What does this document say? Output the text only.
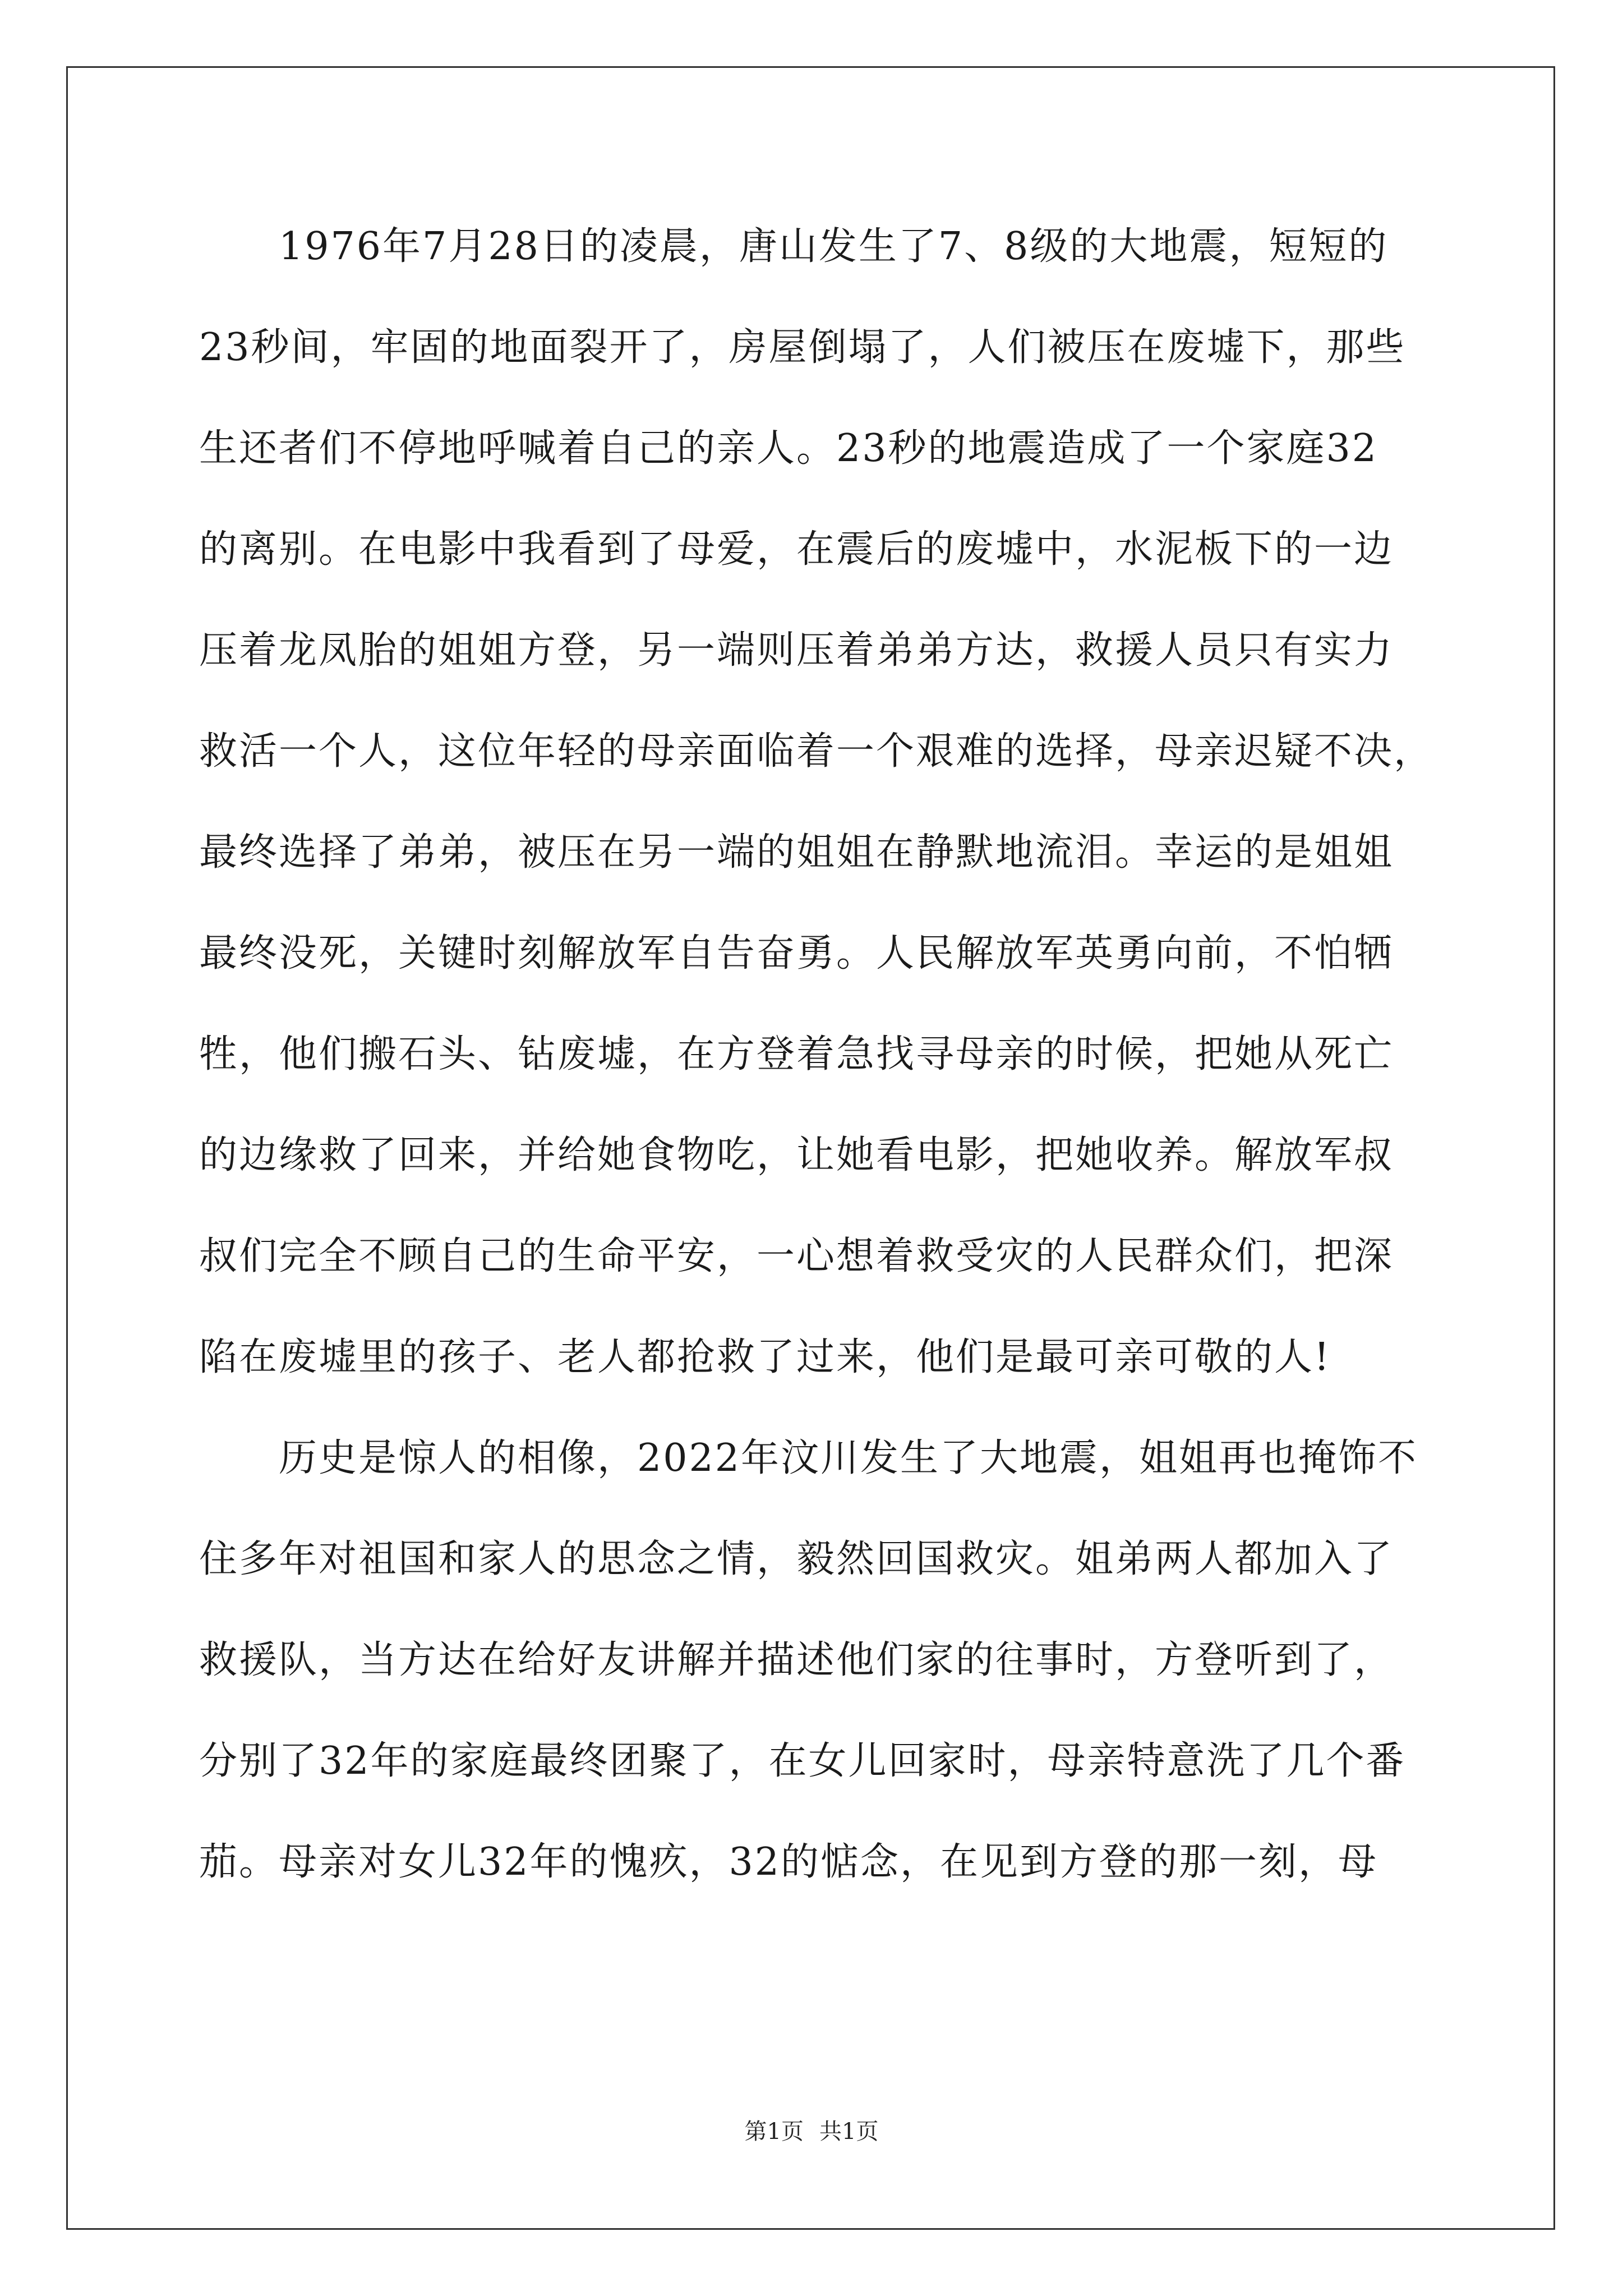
　　1976年7月28日的凌晨，唐山发生了7、8级的大地震，短短的
23秒间，牢固的地面裂开了，房屋倒塌了，人们被压在废墟下，那些
生还者们不停地呼喊着自己的亲人。23秒的地震造成了一个家庭32
的离别。在电影中我看到了母爱，在震后的废墟中，水泥板下的一边
压着龙凤胎的姐姐方登，另一端则压着弟弟方达，救援人员只有实力
救活一个人，这位年轻的母亲面临着一个艰难的选择，母亲迟疑不决，
最终选择了弟弟，被压在另一端的姐姐在静默地流泪。幸运的是姐姐
最终没死，关键时刻解放军自告奋勇。人民解放军英勇向前，不怕牺
牲，他们搬石头、钻废墟，在方登着急找寻母亲的时候，把她从死亡
的边缘救了回来，并给她食物吃，让她看电影，把她收养。解放军叔
叔们完全不顾自己的生命平安，一心想着救受灾的人民群众们，把深
陷在废墟里的孩子、老人都抢救了过来，他们是最可亲可敬的人!
　　历史是惊人的相像，2022年汶川发生了大地震，姐姐再也掩饰不
住多年对祖国和家人的思念之情，毅然回国救灾。姐弟两人都加入了
救援队，当方达在给好友讲解并描述他们家的往事时，方登听到了，
分别了32年的家庭最终团聚了，在女儿回家时，母亲特意洗了几个番
茄。母亲对女儿32年的愧疚，32的惦念，在见到方登的那一刻，母
第1页 共1页
